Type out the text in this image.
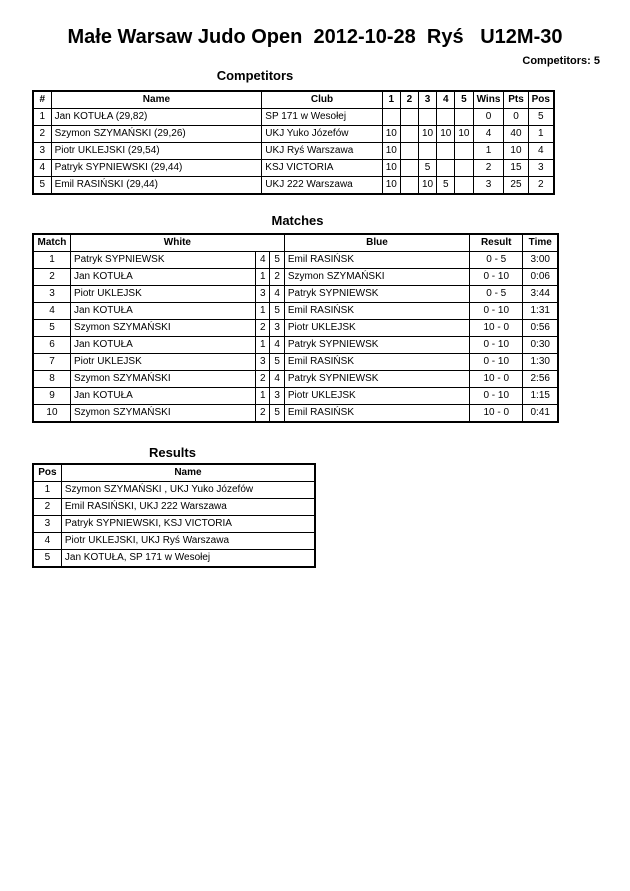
Małe Warsaw Judo Open  2012-10-28  Ryś   U12M-30
Competitors: 5
Competitors
#	Name	Club	1	2	3	4	5	Wins	Pts	Pos
1	Jan KOTUŁA (29,82)	SP 171 w Wesołej						0	0	5
2	Szymon SZYMAŃSKI (29,26)	UKJ Yuko Józefów	10		10	10	10	4	40	1
3	Piotr UKLEJSKI (29,54)	UKJ Ryś Warszawa	10					1	10	4
4	Patryk SYPNIEWSKI (29,44)	KSJ VICTORIA	10		5			2	15	3
5	Emil RASIŃSKI (29,44)	UKJ 222 Warszawa	10		10	5		3	25	2
Matches
Match	White			Blue	Result	Time
1	Patryk SYPNIEWSK	4	5	Emil RASIŃSK	0 - 5	3:00
2	Jan KOTUŁA	1	2	Szymon SZYMAŃSKI	0 - 10	0:06
3	Piotr UKLEJSK	3	4	Patryk SYPNIEWSK	0 - 5	3:44
4	Jan KOTUŁA	1	5	Emil RASIŃSK	0 - 10	1:31
5	Szymon SZYMAŃSKI	2	3	Piotr UKLEJSK	10 - 0	0:56
6	Jan KOTUŁA	1	4	Patryk SYPNIEWSK	0 - 10	0:30
7	Piotr UKLEJSK	3	5	Emil RASIŃSK	0 - 10	1:30
8	Szymon SZYMAŃSKI	2	4	Patryk SYPNIEWSK	10 - 0	2:56
9	Jan KOTUŁA	1	3	Piotr UKLEJSK	0 - 10	1:15
10	Szymon SZYMAŃSKI	2	5	Emil RASIŃSK	10 - 0	0:41
Results
Pos	Name
1	Szymon SZYMAŃSKI , UKJ Yuko Józefów
2	Emil RASIŃSKI, UKJ 222 Warszawa
3	Patryk SYPNIEWSKI, KSJ VICTORIA
4	Piotr UKLEJSKI, UKJ Ryś Warszawa
5	Jan KOTUŁA, SP 171 w Wesołej
